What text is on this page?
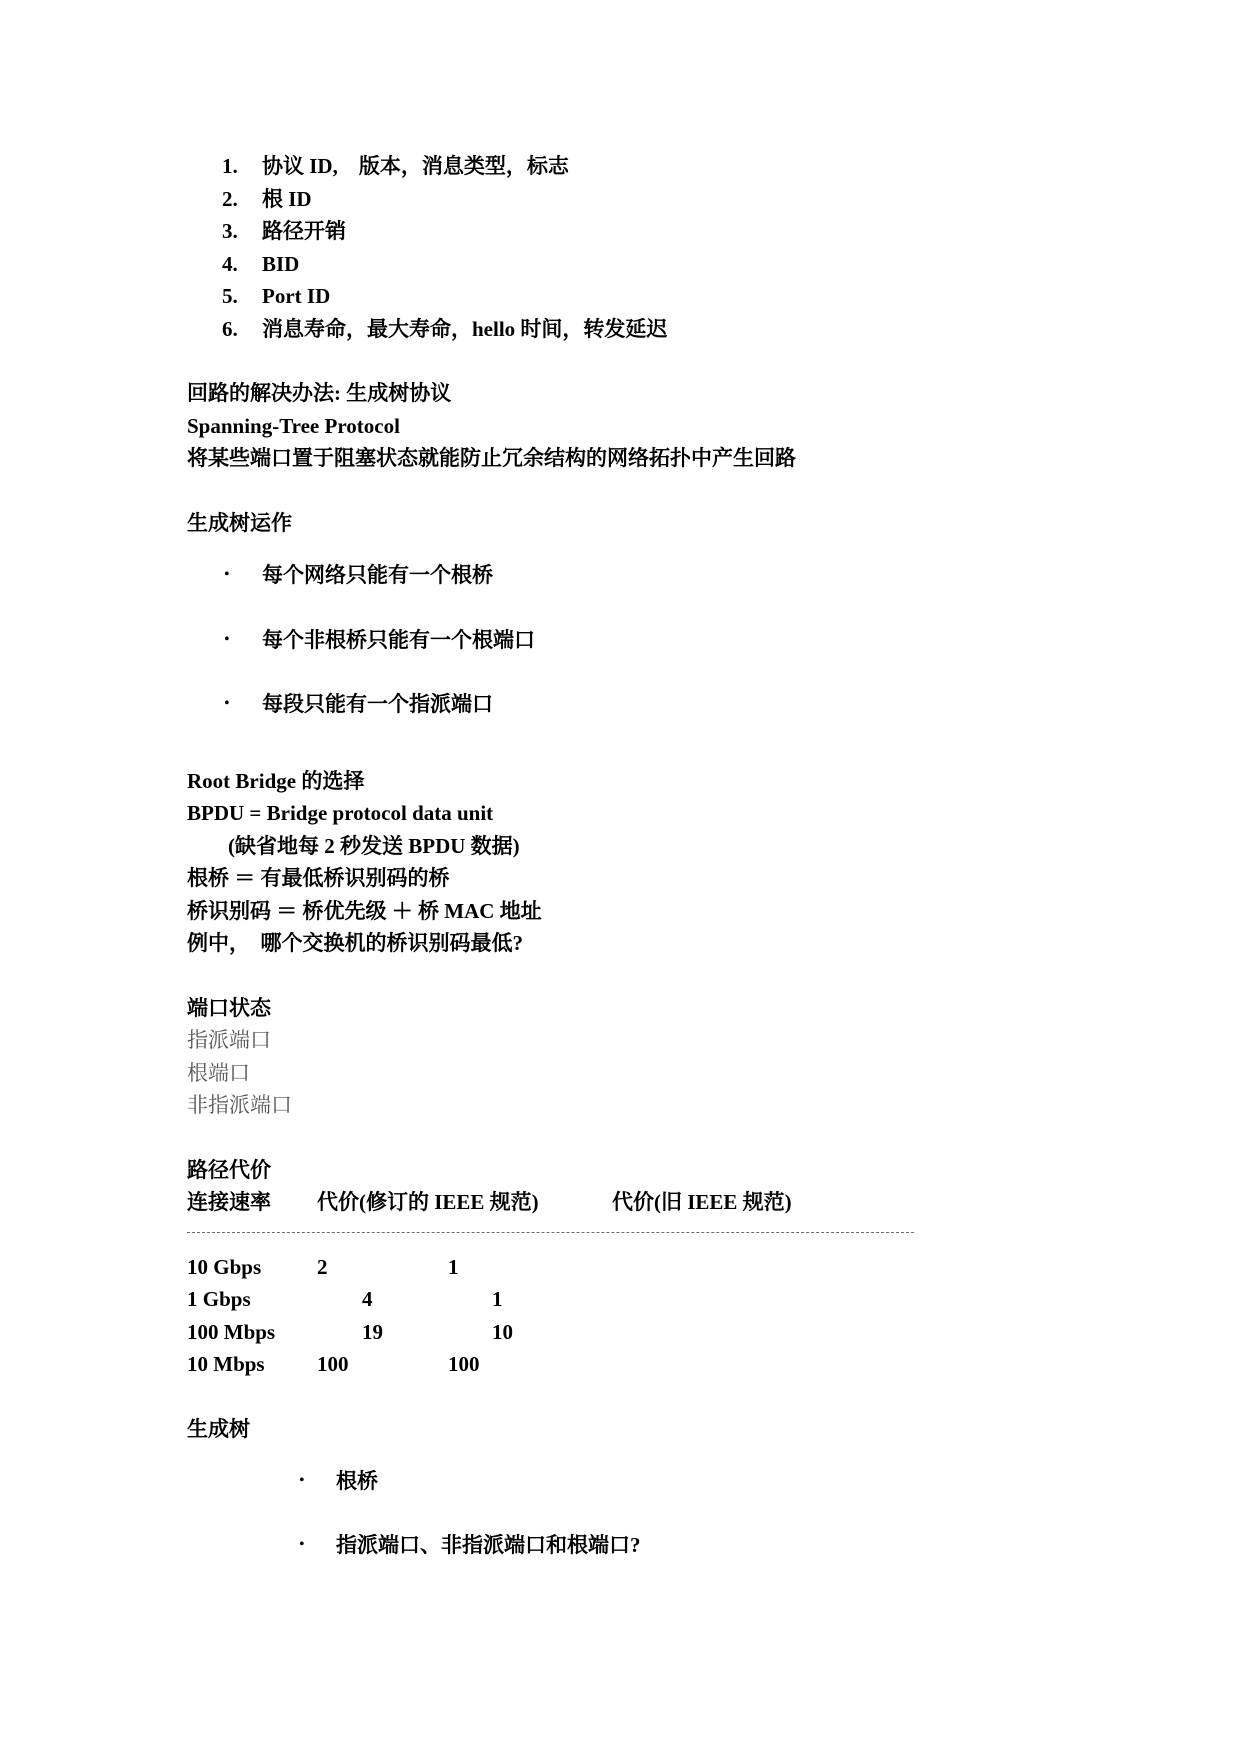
1. 协议 ID,　版本，消息类型，标志
2. 根 ID
3. 路径开销
4. BID
5. Port ID
6. 消息寿命，最大寿命，hello 时间，转发延迟
回路的解决办法: 生成树协议
Spanning-Tree Protocol
将某些端口置于阻塞状态就能防止冗余结构的网络拓扑中产生回路
生成树运作
• 每个网络只能有一个根桥
• 每个非根桥只能有一个根端口
• 每段只能有一个指派端口
Root Bridge 的选择
BPDU = Bridge protocol data unit
(缺省地每 2 秒发送 BPDU 数据)
根桥 ＝ 有最低桥识别码的桥
桥识别码 ＝ 桥优先级 ＋ 桥 MAC 地址
例中，　哪个交换机的桥识别码最低?
端口状态
指派端口
根端口
非指派端口
路径代价
连接速率 代价(修订的 IEEE 规范)	代价(旧 IEEE 规范)
10 Gbps	2	1
1 Gbps	4	1
100 Mbps	19	10
10 Mbps 100	100
生成树
• 根桥
• 指派端口、非指派端口和根端口?
